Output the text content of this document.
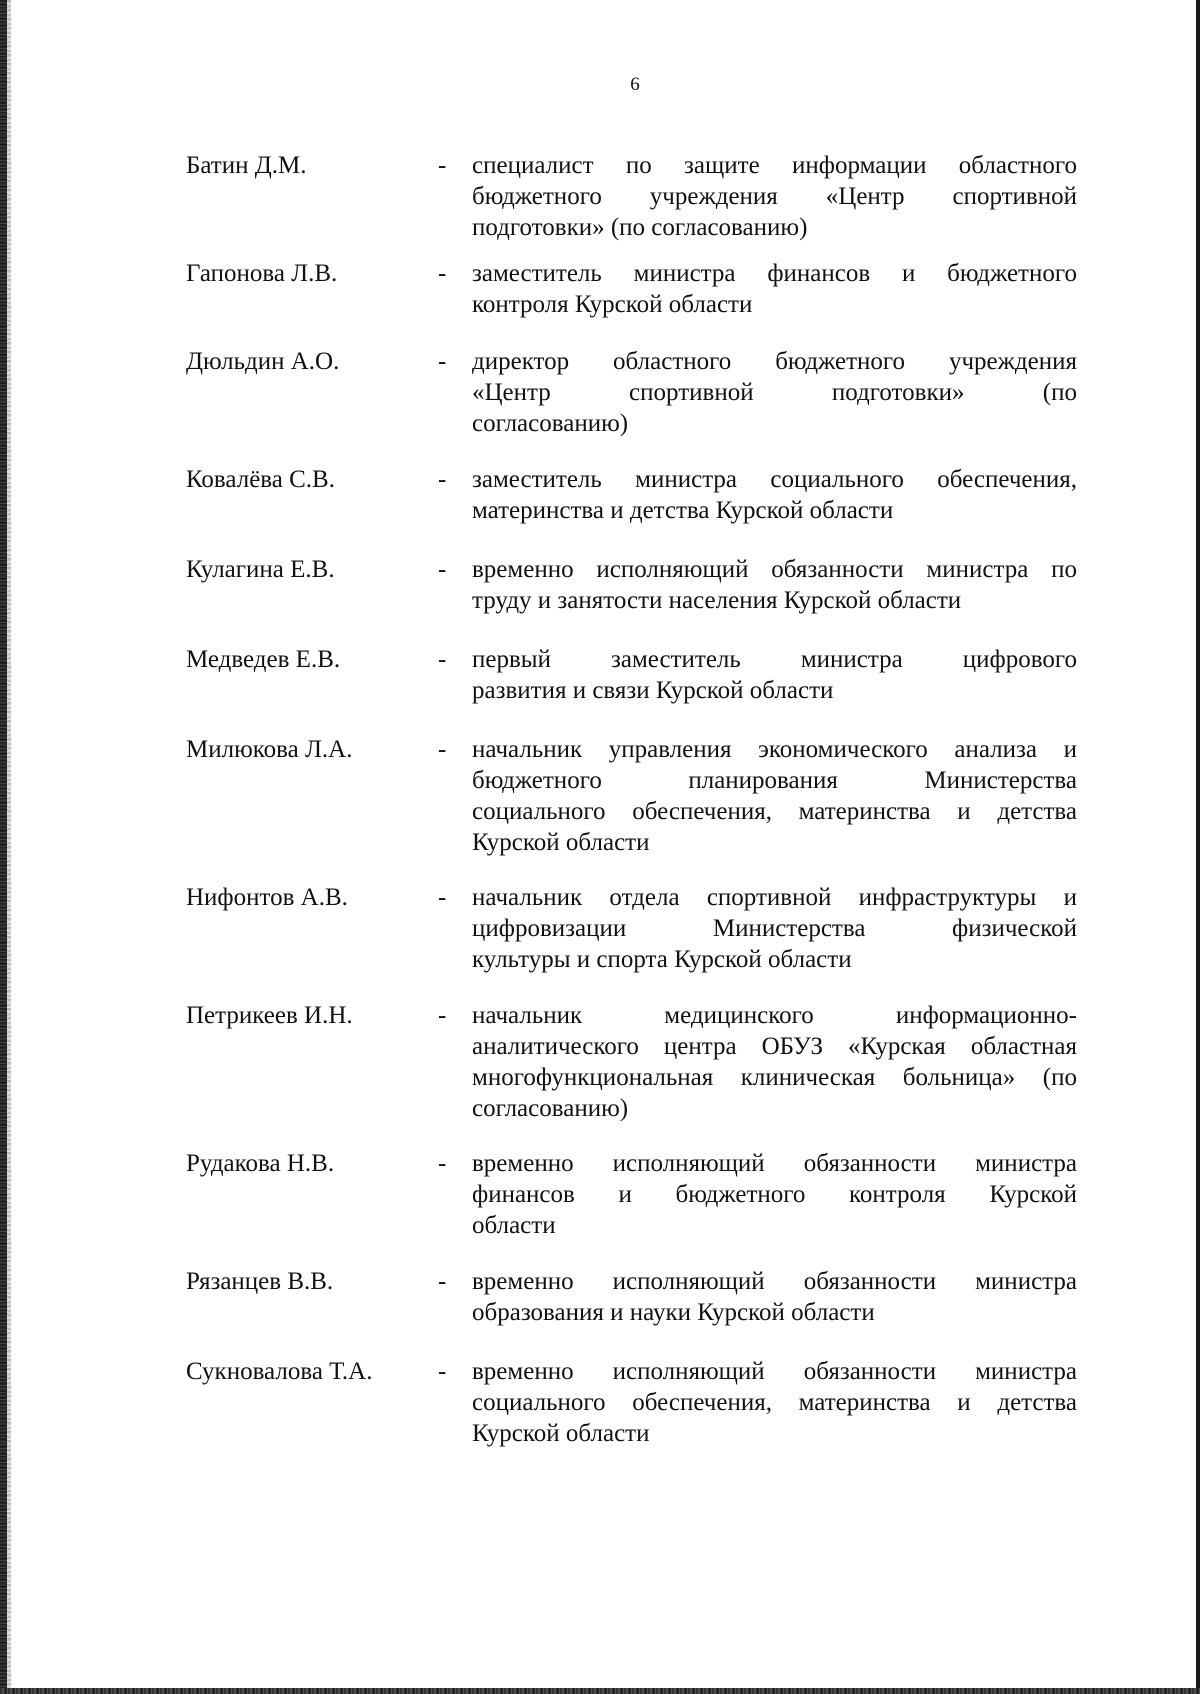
6
Батин Д.М.	-	специалист по защите информации областного
бюджетного учреждения «Центр спортивной
подготовки» (по согласованию)
Гапонова Л.В.	-	заместитель министра финансов и бюджетного
контроля Курской области
Дюльдин А.О.	-	директор областного бюджетного учреждения
«Центр спортивной подготовки» (по
согласованию)
Ковалёва С.В.	-	заместитель министра социального обеспечения,
материнства и детства Курской области
Кулагина Е.В.	-	временно исполняющий обязанности министра по
труду и занятости населения Курской области
Медведев Е.В.	-	первый заместитель министра цифрового
развития и связи Курской области
Милюкова Л.А.	-	начальник управления экономического анализа и
бюджетного планирования Министерства
социального обеспечения, материнства и детства
Курской области
Нифонтов А.В.	-	начальник отдела спортивной инфраструктуры и
цифровизации Министерства физической
культуры и спорта Курской области
Петрикеев И.Н.	-	начальник медицинского информационно-
аналитического центра ОБУЗ «Курская областная
многофункциональная клиническая больница» (по
согласованию)
Рудакова Н.В.	-	временно исполняющий обязанности министра
финансов и бюджетного контроля Курской
области
Рязанцев В.В.	-	временно исполняющий обязанности министра
образования и науки Курской области
Сукновалова Т.А.	-	временно исполняющий обязанности министра
социального обеспечения, материнства и детства
Курской области
